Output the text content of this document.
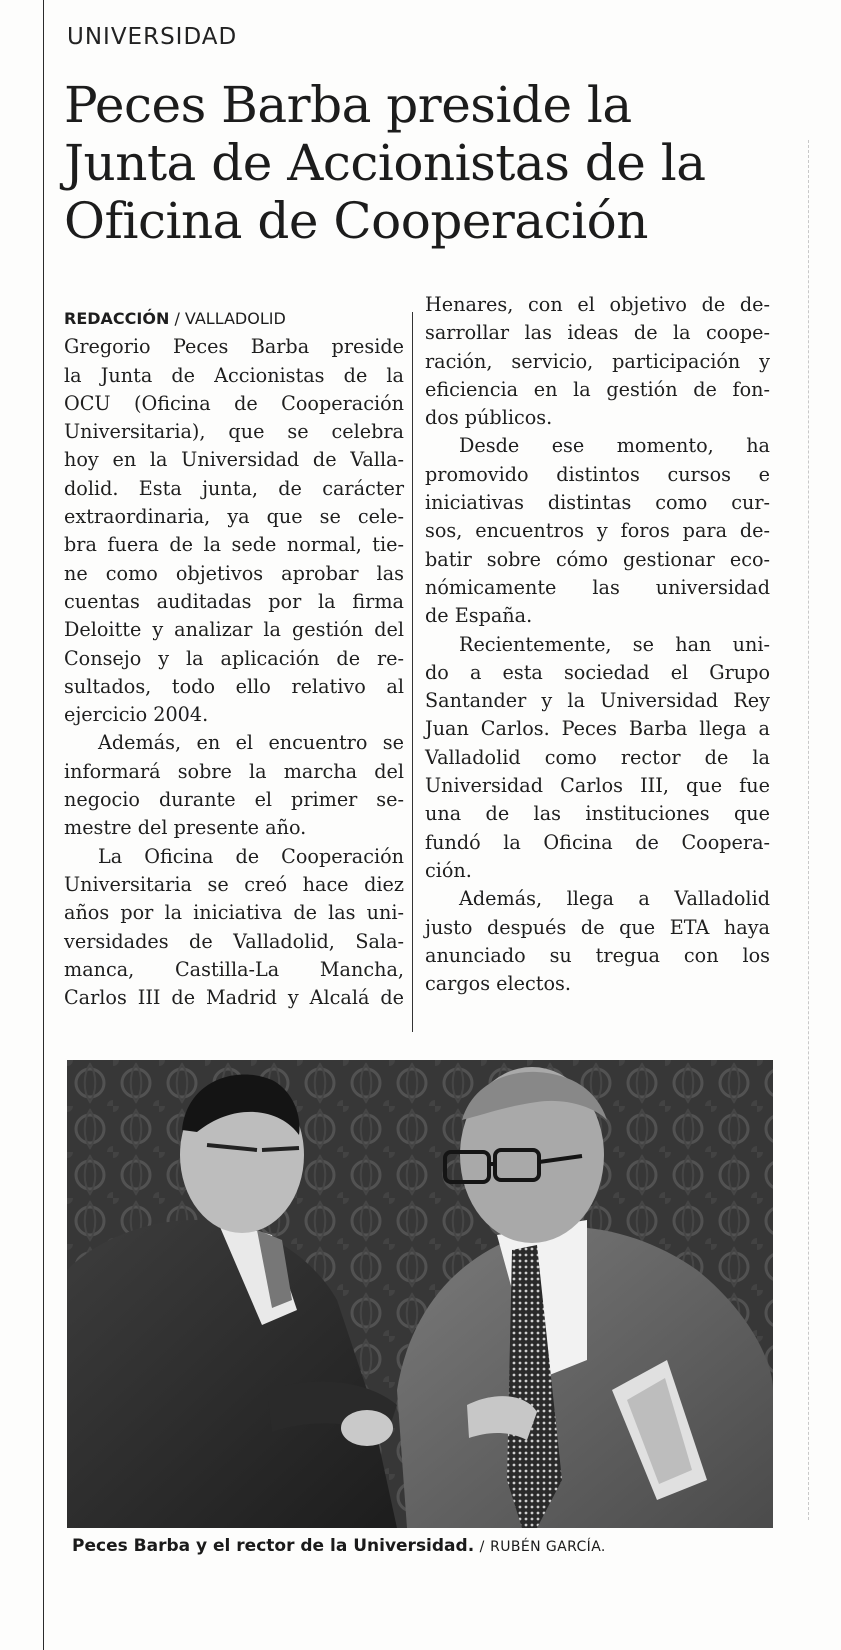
UNIVERSIDAD
Peces Barba preside la
Junta de Accionistas de la
Oficina de Cooperación
REDACCIÓN / VALLADOLID
Gregorio Peces Barba preside
la Junta de Accionistas de la
OCU (Oficina de Cooperación
Universitaria), que se celebra
hoy en la Universidad de Valla-
dolid. Esta junta, de carácter
extraordinaria, ya que se cele-
bra fuera de la sede normal, tie-
ne como objetivos aprobar las
cuentas auditadas por la firma
Deloitte y analizar la gestión del
Consejo y la aplicación de re-
sultados, todo ello relativo al
ejercicio 2004.
Además, en el encuentro se
informará sobre la marcha del
negocio durante el primer se-
mestre del presente año.
La Oficina de Cooperación
Universitaria se creó hace diez
años por la iniciativa de las uni-
versidades de Valladolid, Sala-
manca, Castilla-La Mancha,
Carlos III de Madrid y Alcalá de
Henares, con el objetivo de de-
sarrollar las ideas de la coope-
ración, servicio, participación y
eficiencia en la gestión de fon-
dos públicos.
Desde ese momento, ha
promovido distintos cursos e
iniciativas distintas como cur-
sos, encuentros y foros para de-
batir sobre cómo gestionar eco-
nómicamente las universidad
de España.
Recientemente, se han uni-
do a esta sociedad el Grupo
Santander y la Universidad Rey
Juan Carlos. Peces Barba llega a
Valladolid como rector de la
Universidad Carlos III, que fue
una de las instituciones que
fundó la Oficina de Coopera-
ción.
Además, llega a Valladolid
justo después de que ETA haya
anunciado su tregua con los
cargos electos.
Peces Barba y el rector de la Universidad. / RUBÉN GARCÍA.
